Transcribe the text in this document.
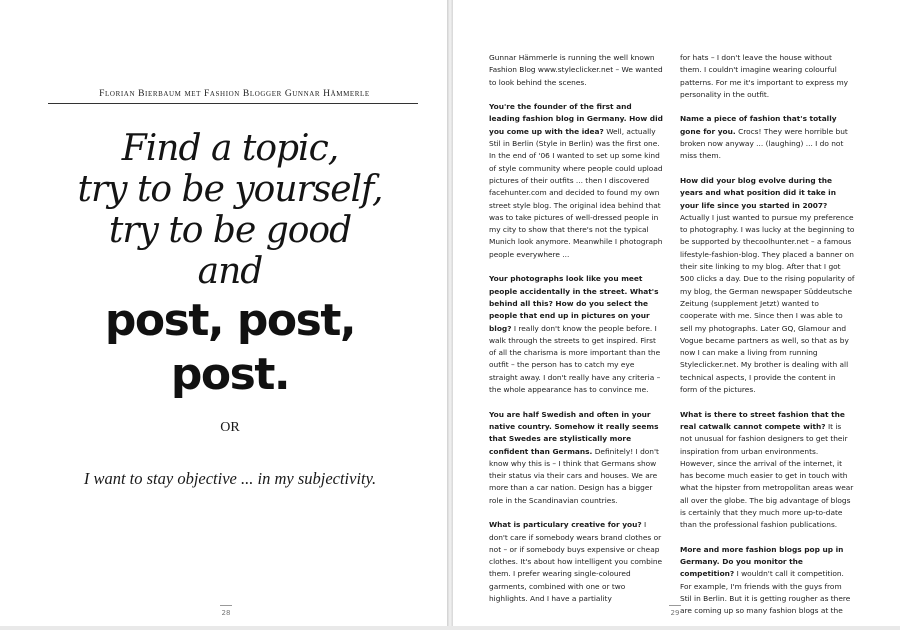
Florian Bierbaum met Fashion Blogger Gunnar Hämmerle
Find a topic,
try to be yourself,
try to be good
and
post, post, post.
OR
I want to stay objective ... in my subjectivity.
28

Gunnar Hämmerle is running the well known Fashion Blog www.styleclicker.net – We wanted to look behind the scenes.

You're the founder of the first and leading fashion blog in Germany. How did you come up with the idea? Well, actually Stil in Berlin (Style in Berlin) was the first one. In the end of '06 I wanted to set up some kind of style community where people could upload pictures of their outfits ... then I discovered facehunter.com and decided to found my own street style blog. The original idea behind that was to take pictures of well-dressed people in my city to show that there's not the typical Munich look anymore. Meanwhile I photograph people everywhere ...

Your photographs look like you meet people accidentally in the street. What's behind all this? How do you select the people that end up in pictures on your blog? I really don't know the people before. I walk through the streets to get inspired. First of all the charisma is more important than the outfit – the person has to catch my eye straight away. I don't really have any criteria – the whole appearance has to convince me.

You are half Swedish and often in your native country. Somehow it really seems that Swedes are stylistically more confident than Germans. Definitely! I don't know why this is – I think that Germans show their status via their cars and houses. We are more than a car nation. Design has a bigger role in the Scandinavian countries.

What is particulary creative for you? I don't care if somebody wears brand clothes or not – or if somebody buys expensive or cheap clothes. It's about how intelligent you combine them. I prefer wearing single-coloured garments, combined with one or two highlights. And I have a partiality

for hats – I don't leave the house without them. I couldn't imagine wearing colourful patterns. For me it's important to express my personality in the outfit.

Name a piece of fashion that's totally gone for you. Crocs! They were horrible but broken now anyway ... (laughing) ... I do not miss them.

How did your blog evolve during the years and what position did it take in your life since you started in 2007? Actually I just wanted to pursue my preference to photography. I was lucky at the beginning to be supported by thecoolhunter.net – a famous lifestyle-fashion-blog. They placed a banner on their site linking to my blog. After that I got 500 clicks a day. Due to the rising popularity of my blog, the German newspaper Süddeutsche Zeitung (supplement Jetzt) wanted to cooperate with me. Since then I was able to sell my photographs. Later GQ, Glamour and Vogue became partners as well, so that as by now I can make a living from running Styleclicker.net. My brother is dealing with all technical aspects, I provide the content in form of the pictures.

What is there to street fashion that the real catwalk cannot compete with? It is not unusual for fashion designers to get their inspiration from urban environments. However, since the arrival of the internet, it has become much easier to get in touch with what the hipster from metropolitan areas wear all over the globe. The big advantage of blogs is certainly that they much more up-to-date than the professional fashion publications.

More and more fashion blogs pop up in Germany. Do you monitor the competition? I wouldn't call it competition. For example, I'm friends with the guys from Stil in Berlin. But it is getting rougher as there are coming up so many fashion blogs at the

29
